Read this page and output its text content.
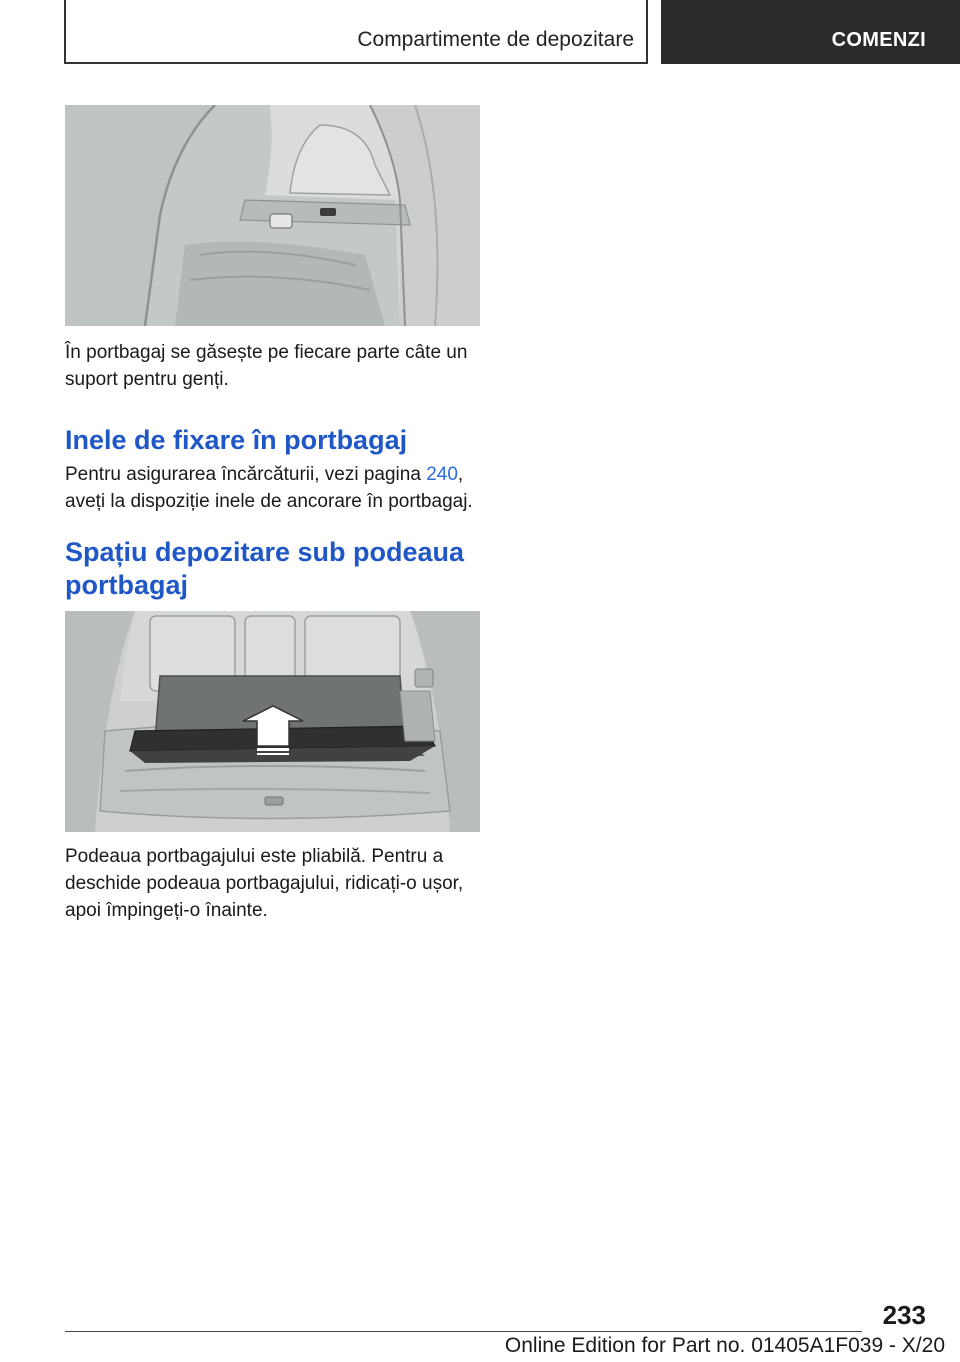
Compartimente de depozitare	COMENZI

În portbagaj se găsește pe fiecare parte câte un suport pentru genți.

Inele de fixare în portbagaj

Pentru asigurarea încărcăturii, vezi pagina 240, aveți la dispoziție inele de ancorare în portbagaj.

Spațiu depozitare sub podeaua portbagaj

Podeaua portbagajului este pliabilă. Pentru a deschide podeaua portbagajului, ridicați-o ușor, apoi împingeți-o înainte.

233
Online Edition for Part no. 01405A1F039 - X/20
